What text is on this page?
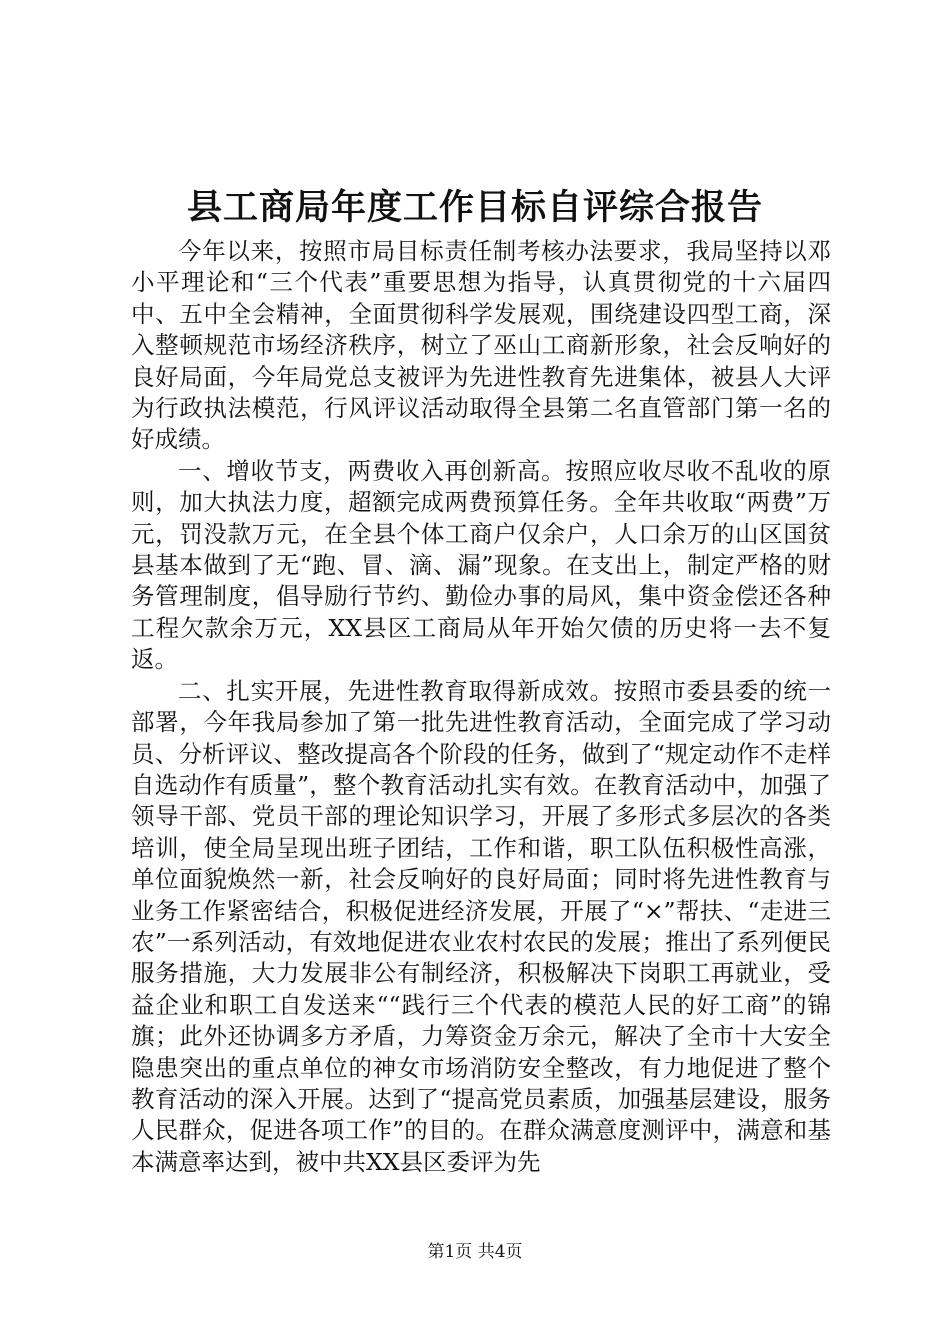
县工商局年度工作目标自评综合报告

今年以来，按照市局目标责任制考核办法要求，我局坚持以邓小平理论和“三个代表”重要思想为指导，认真贯彻党的十六届四中、五中全会精神，全面贯彻科学发展观，围绕建设四型工商，深入整顿规范市场经济秩序，树立了巫山工商新形象，社会反响好的良好局面，今年局党总支被评为先进性教育先进集体，被县人大评为行政执法模范，行风评议活动取得全县第二名直管部门第一名的好成绩。

一、增收节支，两费收入再创新高。按照应收尽收不乱收的原则，加大执法力度，超额完成两费预算任务。全年共收取“两费”万元，罚没款万元，在全县个体工商户仅余户，人口余万的山区国贫县基本做到了无“跑、冒、滴、漏”现象。在支出上，制定严格的财务管理制度，倡导励行节约、勤俭办事的局风，集中资金偿还各种工程欠款余万元，XX县区工商局从年开始欠债的历史将一去不复返。

二、扎实开展，先进性教育取得新成效。按照市委县委的统一部署，今年我局参加了第一批先进性教育活动，全面完成了学习动员、分析评议、整改提高各个阶段的任务，做到了“规定动作不走样自选动作有质量”，整个教育活动扎实有效。在教育活动中，加强了领导干部、党员干部的理论知识学习，开展了多形式多层次的各类培训，使全局呈现出班子团结，工作和谐，职工队伍积极性高涨，单位面貌焕然一新，社会反响好的良好局面；同时将先进性教育与业务工作紧密结合，积极促进经济发展，开展了“×”帮扶、“走进三农”一系列活动，有效地促进农业农村农民的发展；推出了系列便民服务措施，大力发展非公有制经济，积极解决下岗职工再就业，受益企业和职工自发送来““践行三个代表的模范人民的好工商”的锦旗；此外还协调多方矛盾，力筹资金万余元，解决了全市十大安全隐患突出的重点单位的神女市场消防安全整改，有力地促进了整个教育活动的深入开展。达到了“提高党员素质，加强基层建设，服务人民群众，促进各项工作”的目的。在群众满意度测评中，满意和基本满意率达到，被中共XX县区委评为先

第1页 共4页
